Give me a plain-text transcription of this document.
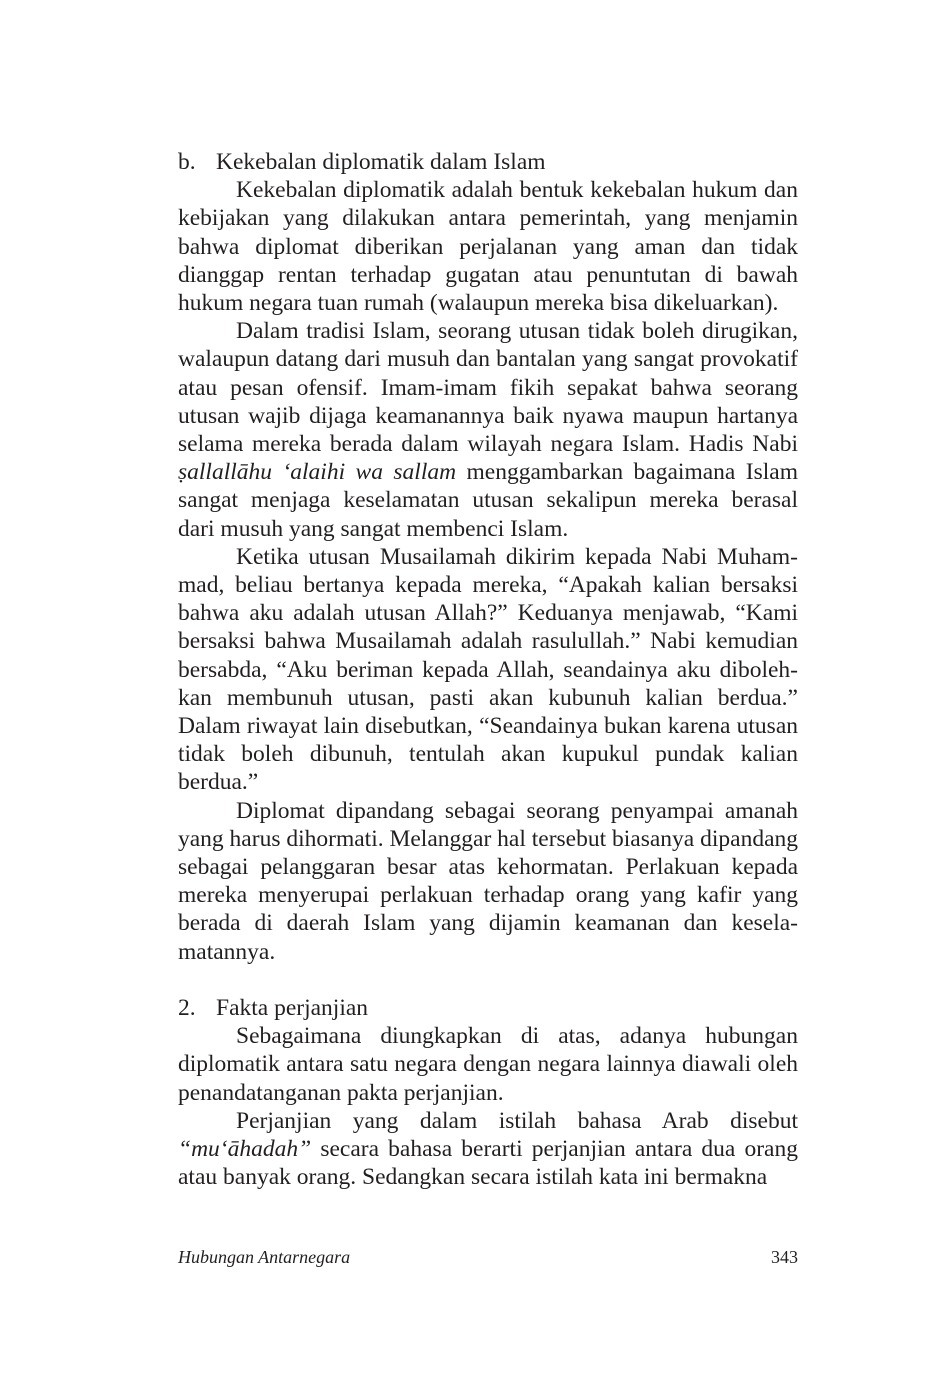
b. Kekebalan diplomatik dalam Islam

Kekebalan diplomatik adalah bentuk kekebalan hukum dan kebijakan yang dilakukan antara pemerintah, yang menjamin bahwa diplomat diberikan perjalanan yang aman dan tidak dianggap rentan terhadap gugatan atau penuntutan di bawah hukum negara tuan rumah (walaupun mereka bisa dikeluarkan).

Dalam tradisi Islam, seorang utusan tidak boleh dirugikan, walaupun datang dari musuh dan bantalan yang sangat provokatif atau pesan ofensif. Imam-imam fikih sepakat bahwa seorang utusan wajib dijaga keamanannya baik nyawa maupun hartanya selama mereka berada dalam wilayah negara Islam. Hadis Nabi ṣallallāhu ‘alaihi wa sallam menggambarkan bagaimana Islam sangat menjaga keselamatan utusan sekalipun mereka berasal dari musuh yang sangat membenci Islam.

Ketika utusan Musailamah dikirim kepada Nabi Muhammad, beliau bertanya kepada mereka, “Apakah kalian bersaksi bahwa aku adalah utusan Allah?” Keduanya menjawab, “Kami bersaksi bahwa Musailamah adalah rasulullah.” Nabi kemudian bersabda, “Aku beriman kepada Allah, seandainya aku dibolehkan membunuh utusan, pasti akan kubunuh kalian berdua.” Dalam riwayat lain disebutkan, “Seandainya bukan karena utusan tidak boleh dibunuh, tentulah akan kupukul pundak kalian berdua.”

Diplomat dipandang sebagai seorang penyampai amanah yang harus dihormati. Melanggar hal tersebut biasanya dipandang sebagai pelanggaran besar atas kehormatan. Perlakuan kepada mereka menyerupai perlakuan terhadap orang yang kafir yang berada di daerah Islam yang dijamin keamanan dan keselamatannya.

2. Fakta perjanjian

Sebagaimana diungkapkan di atas, adanya hubungan diplomatik antara satu negara dengan negara lainnya diawali oleh penandatanganan pakta perjanjian.

Perjanjian yang dalam istilah bahasa Arab disebut “mu‘āhadah” secara bahasa berarti perjanjian antara dua orang atau banyak orang. Sedangkan secara istilah kata ini bermakna

Hubungan Antarnegara	343
